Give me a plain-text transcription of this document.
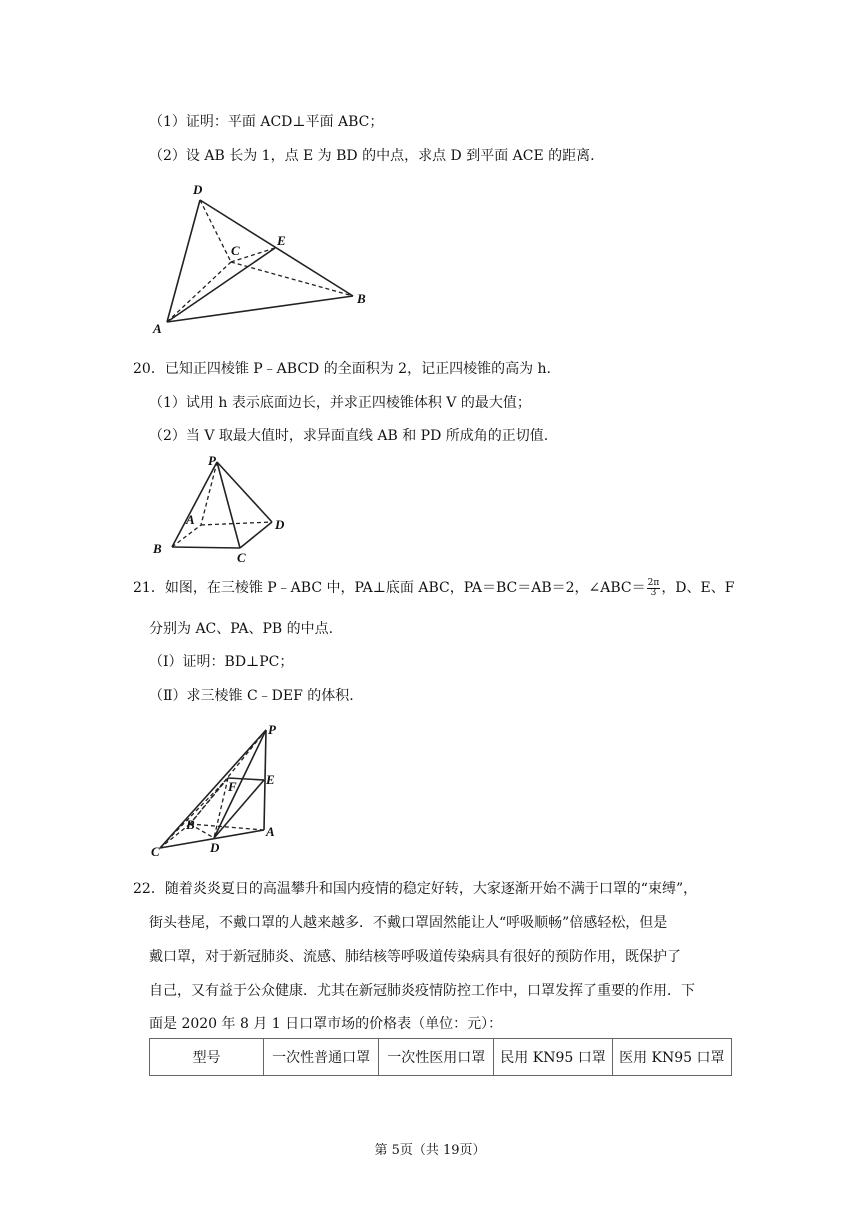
（1）证明：平面 ACD⊥平面 ABC；
（2）设 AB 长为 1，点 E 为 BD 的中点，求点 D 到平面 ACE 的距离.
D
C
E
B
A
20．已知正四棱锥 P﹣ABCD 的全面积为 2，记正四棱锥的高为 h.
（1）试用 h 表示底面边长，并求正四棱锥体积 V 的最大值；
（2）当 V 取最大值时，求异面直线 AB 和 PD 所成角的正切值.
P
A	D
B
C
21．如图，在三棱锥 P﹣ABC 中，PA⊥底面 ABC，PA＝BC＝AB＝2，∠ABC＝ $\frac{2\pi}{3}$ ，D、E、F
分别为 AC、PA、PB 的中点.
（Ⅰ）证明：BD⊥PC；
（Ⅱ）求三棱锥 C﹣DEF 的体积.
P
E
F
B	A
C	D
22．随着炎炎夏日的高温攀升和国内疫情的稳定好转，大家逐渐开始不满于口罩的“束缚”，
街头巷尾，不戴口罩的人越来越多．不戴口罩固然能让人“呼吸顺畅”倍感轻松，但是
戴口罩，对于新冠肺炎、流感、肺结核等呼吸道传染病具有很好的预防作用，既保护了
自己，又有益于公众健康．尤其在新冠肺炎疫情防控工作中，口罩发挥了重要的作用．下
面是 2020 年 8 月 1 日口罩市场的价格表（单位：元）：
型号	一次性普通口罩	一次性医用口罩	民用 KN95 口罩	医用 KN95 口罩
第 5页（共 19页）
